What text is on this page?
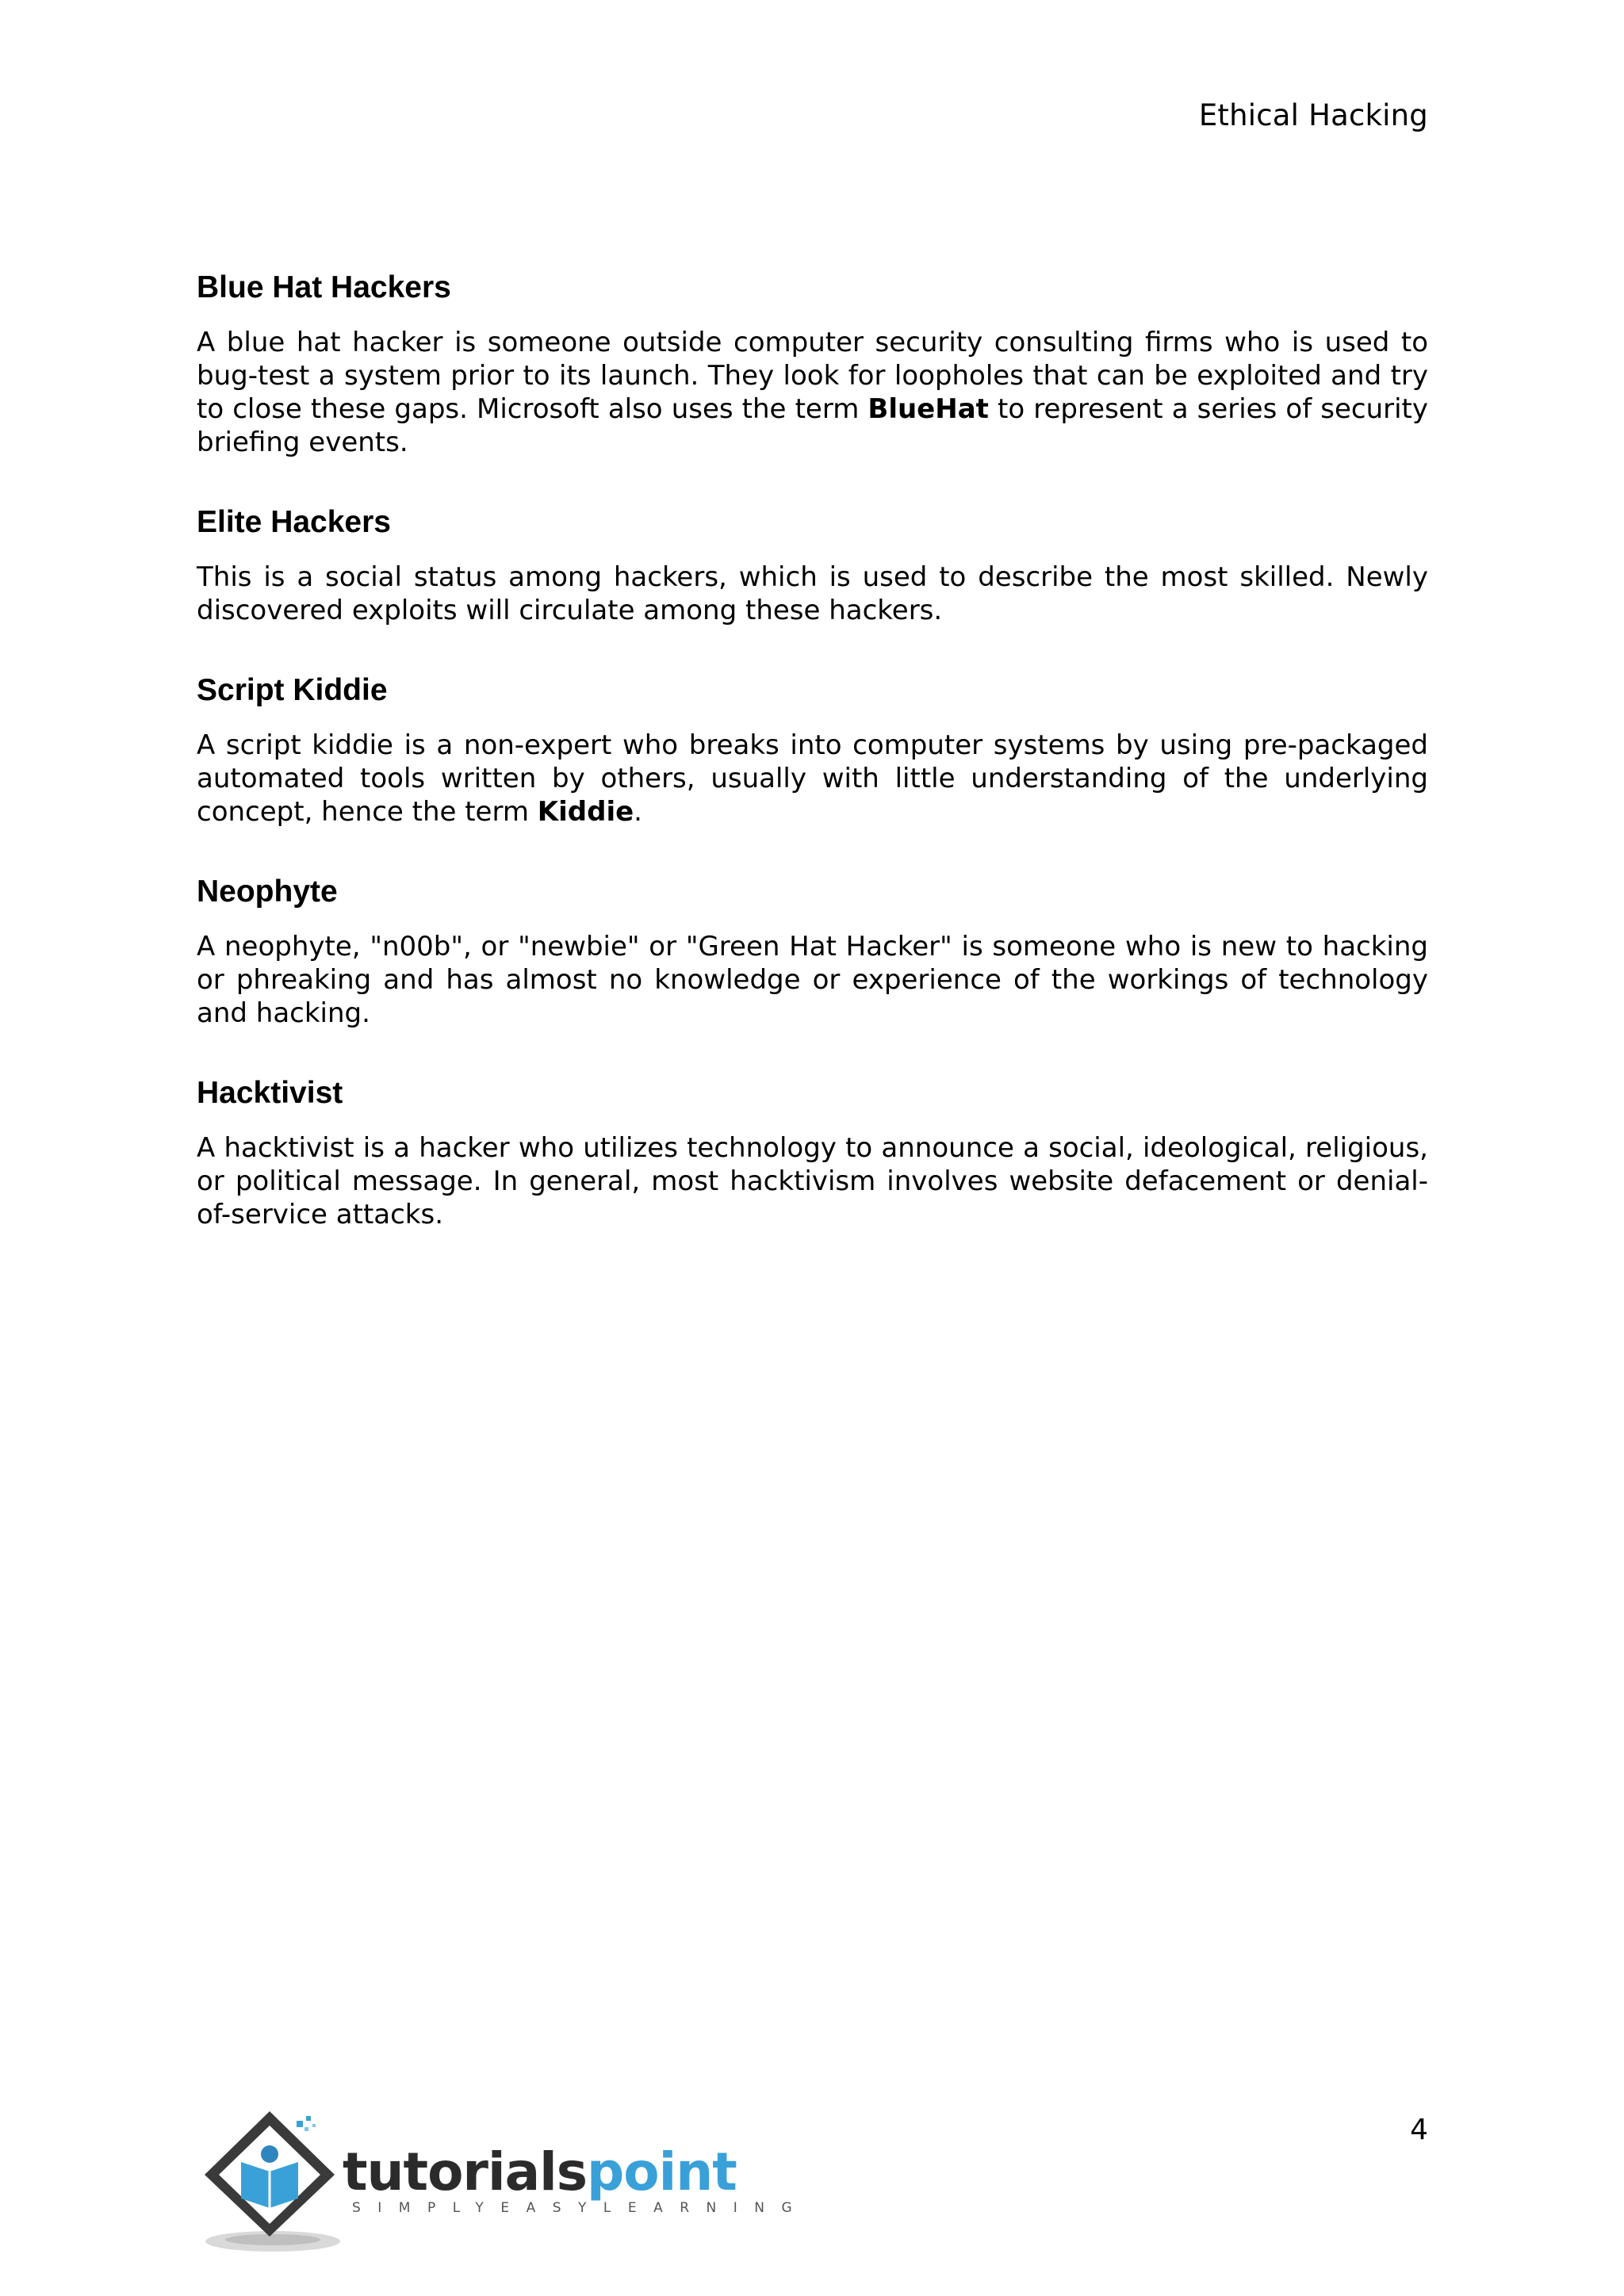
Ethical Hacking
Blue Hat Hackers

A blue hat hacker is someone outside computer security consulting firms who is used to bug-test a system prior to its launch. They look for loopholes that can be exploited and try to close these gaps. Microsoft also uses the term BlueHat to represent a series of security briefing events.

Elite Hackers

This is a social status among hackers, which is used to describe the most skilled. Newly discovered exploits will circulate among these hackers.

Script Kiddie

A script kiddie is a non-expert who breaks into computer systems by using pre-packaged automated tools written by others, usually with little understanding of the underlying concept, hence the term Kiddie.

Neophyte

A neophyte, "n00b", or "newbie" or "Green Hat Hacker" is someone who is new to hacking or phreaking and has almost no knowledge or experience of the workings of technology and hacking.

Hacktivist

A hacktivist is a hacker who utilizes technology to announce a social, ideological, religious, or political message. In general, most hacktivism involves website defacement or denial-of-service attacks.

4
tutorialspoint
SIMPLYEASYLEARNING
